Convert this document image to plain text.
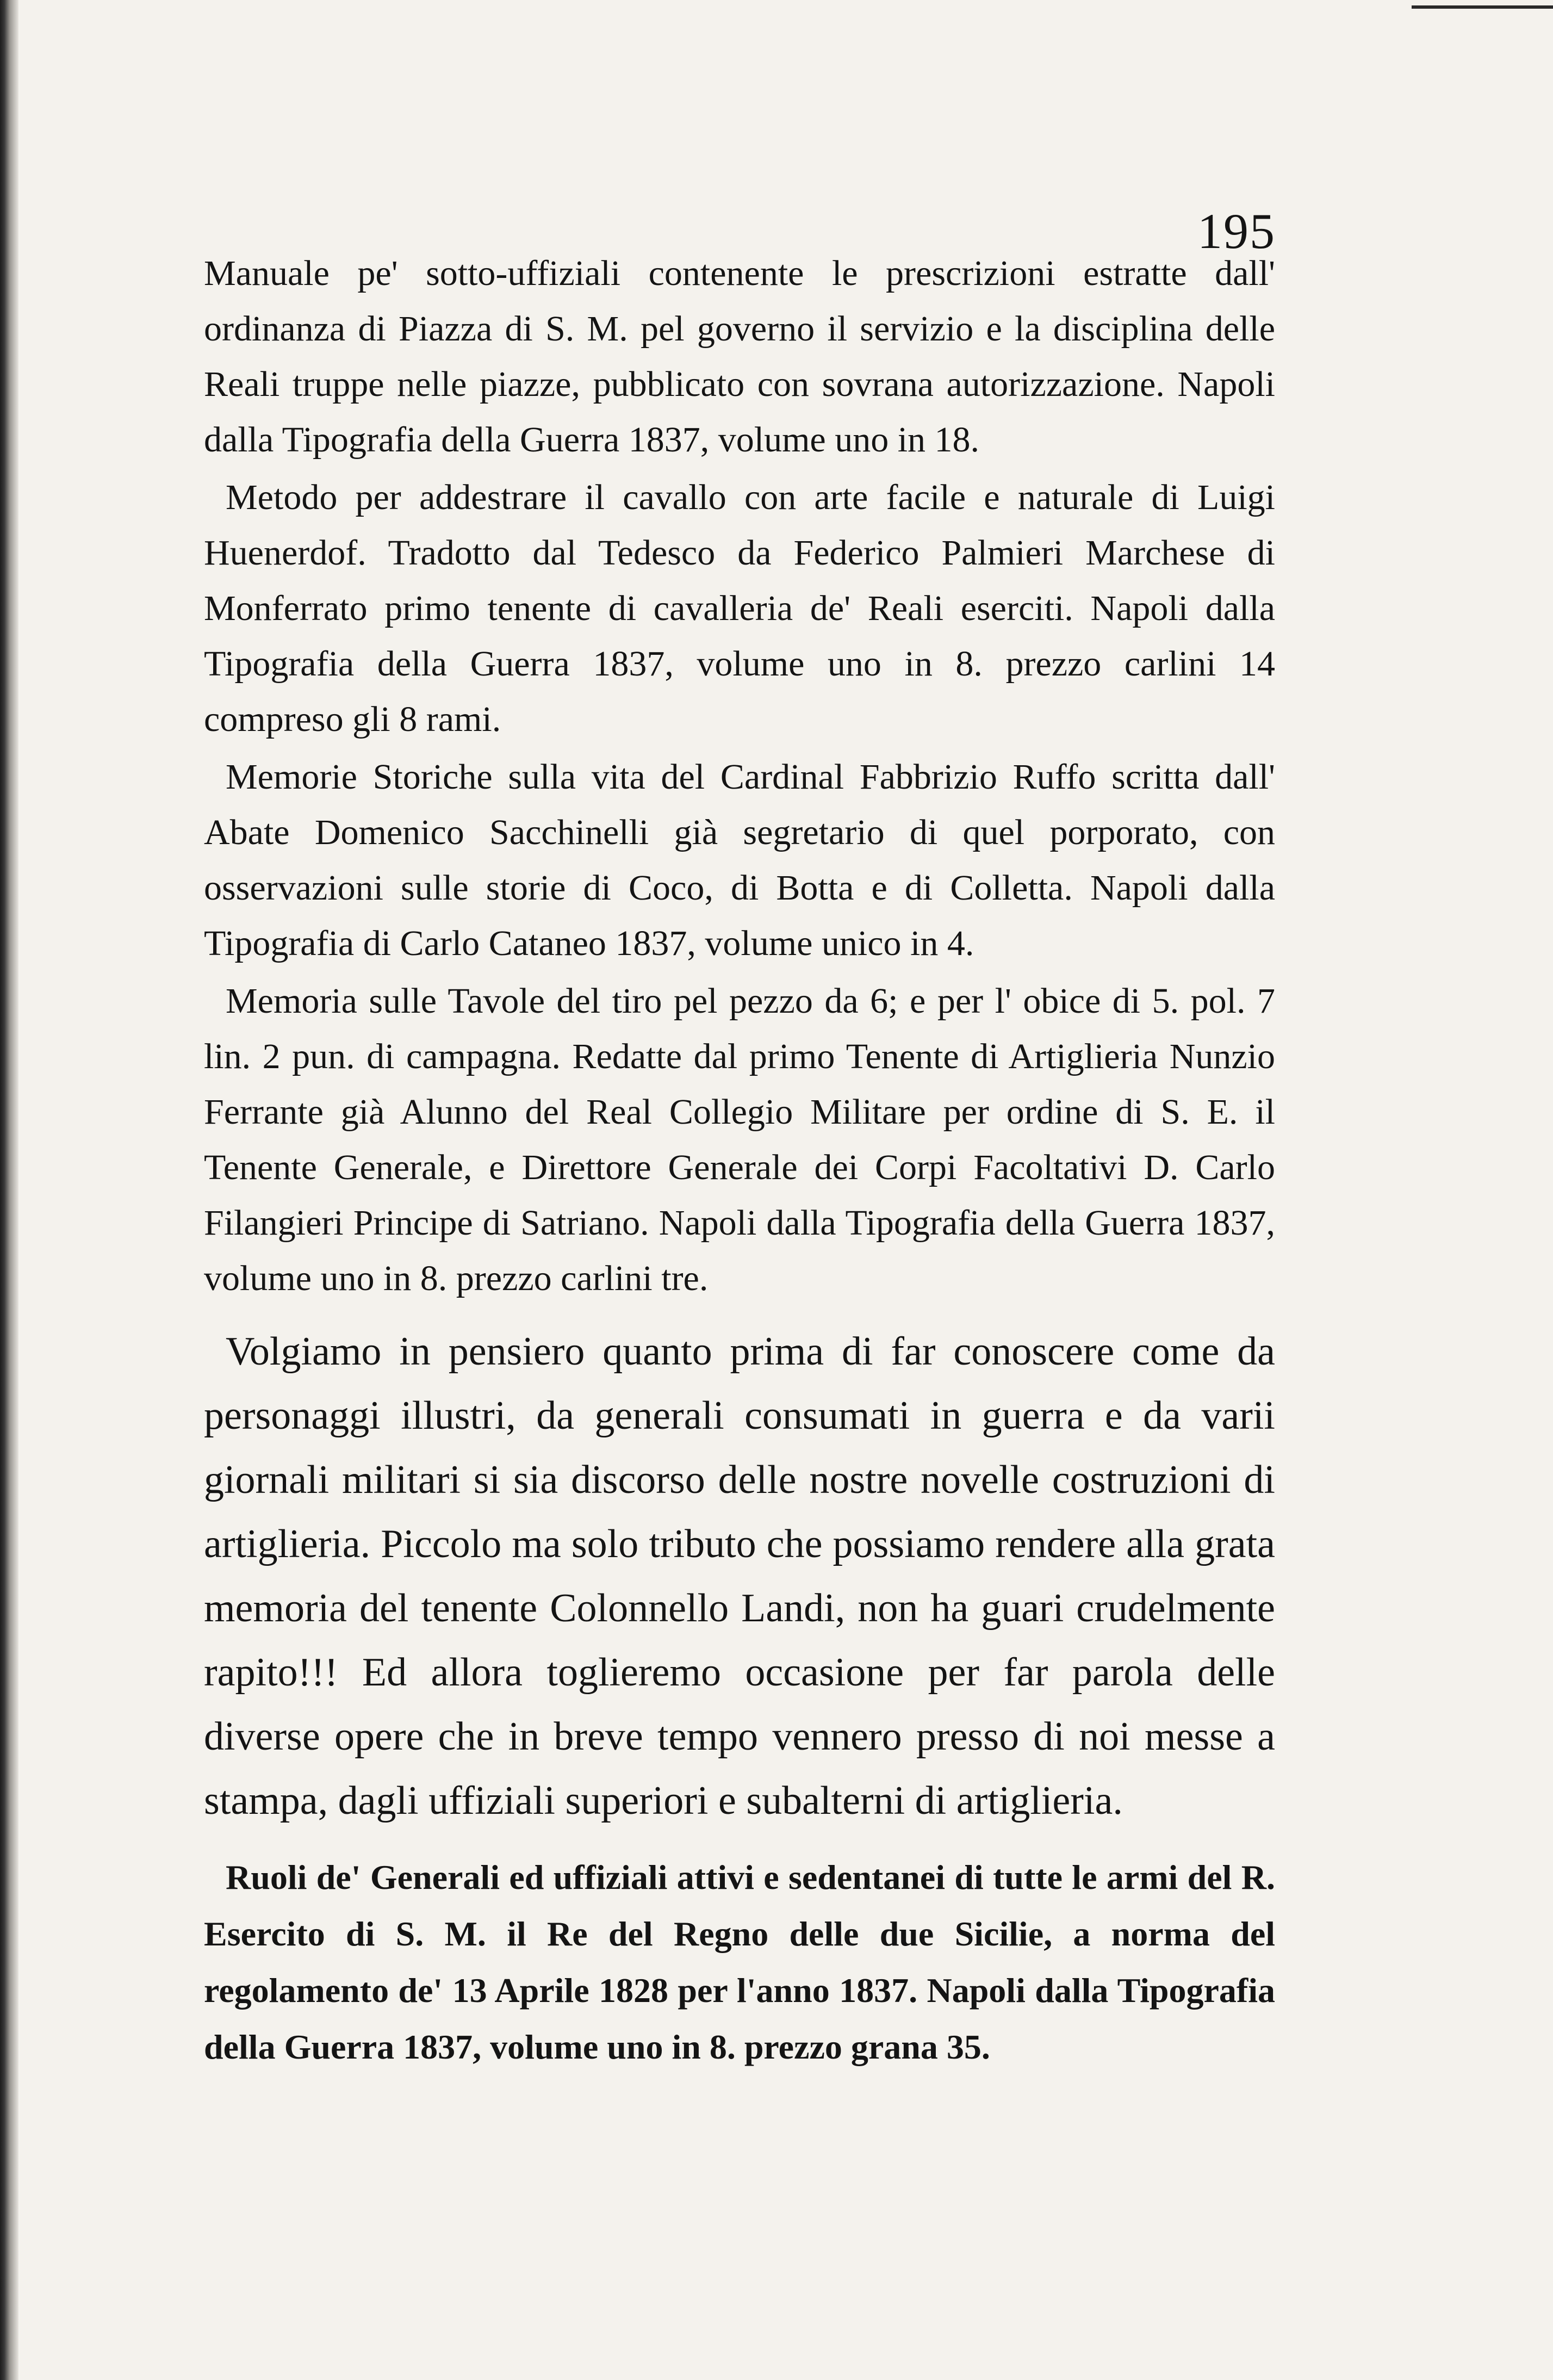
195

Manuale pe' sotto-uffiziali contenente le prescrizioni estratte dall' ordinanza di Piazza di S. M. pel governo il servizio e la disciplina delle Reali truppe nelle piazze, pubblicato con sovrana autorizzazione. Napoli dalla Tipografia della Guerra 1837, volume uno in 18.

Metodo per addestrare il cavallo con arte facile e naturale di Luigi Huenerdof. Tradotto dal Tedesco da Federico Palmieri Marchese di Monferrato primo tenente di cavalleria de' Reali eserciti. Napoli dalla Tipografia della Guerra 1837, volume uno in 8. prezzo carlini 14 compreso gli 8 rami.

Memorie Storiche sulla vita del Cardinal Fabbrizio Ruffo scritta dall' Abate Domenico Sacchinelli già segretario di quel porporato, con osservazioni sulle storie di Coco, di Botta e di Colletta. Napoli dalla Tipografia di Carlo Cataneo 1837, volume unico in 4.

Memoria sulle Tavole del tiro pel pezzo da 6; e per l' obice di 5. pol. 7 lin. 2 pun. di campagna. Redatte dal primo Tenente di Artiglieria Nunzio Ferrante già Alunno del Real Collegio Militare per ordine di S. E. il Tenente Generale, e Direttore Generale dei Corpi Facoltativi D. Carlo Filangieri Principe di Satriano. Napoli dalla Tipografia della Guerra 1837, volume uno in 8. prezzo carlini tre.

Volgiamo in pensiero quanto prima di far conoscere come da personaggi illustri, da generali consumati in guerra e da varii giornali militari si sia discorso delle nostre novelle costruzioni di artiglieria. Piccolo ma solo tributo che possiamo rendere alla grata memoria del tenente Colonnello Landi, non ha guari crudelmente rapito!!! Ed allora toglieremo occasione per far parola delle diverse opere che in breve tempo vennero presso di noi messe a stampa, dagli uffiziali superiori e subalterni di artiglieria.

Ruoli de' Generali ed uffiziali attivi e sedentanei di tutte le armi del R. Esercito di S. M. il Re del Regno delle due Sicilie, a norma del regolamento de' 13 Aprile 1828 per l'anno 1837. Napoli dalla Tipografia della Guerra 1837, volume uno in 8. prezzo grana 35.
